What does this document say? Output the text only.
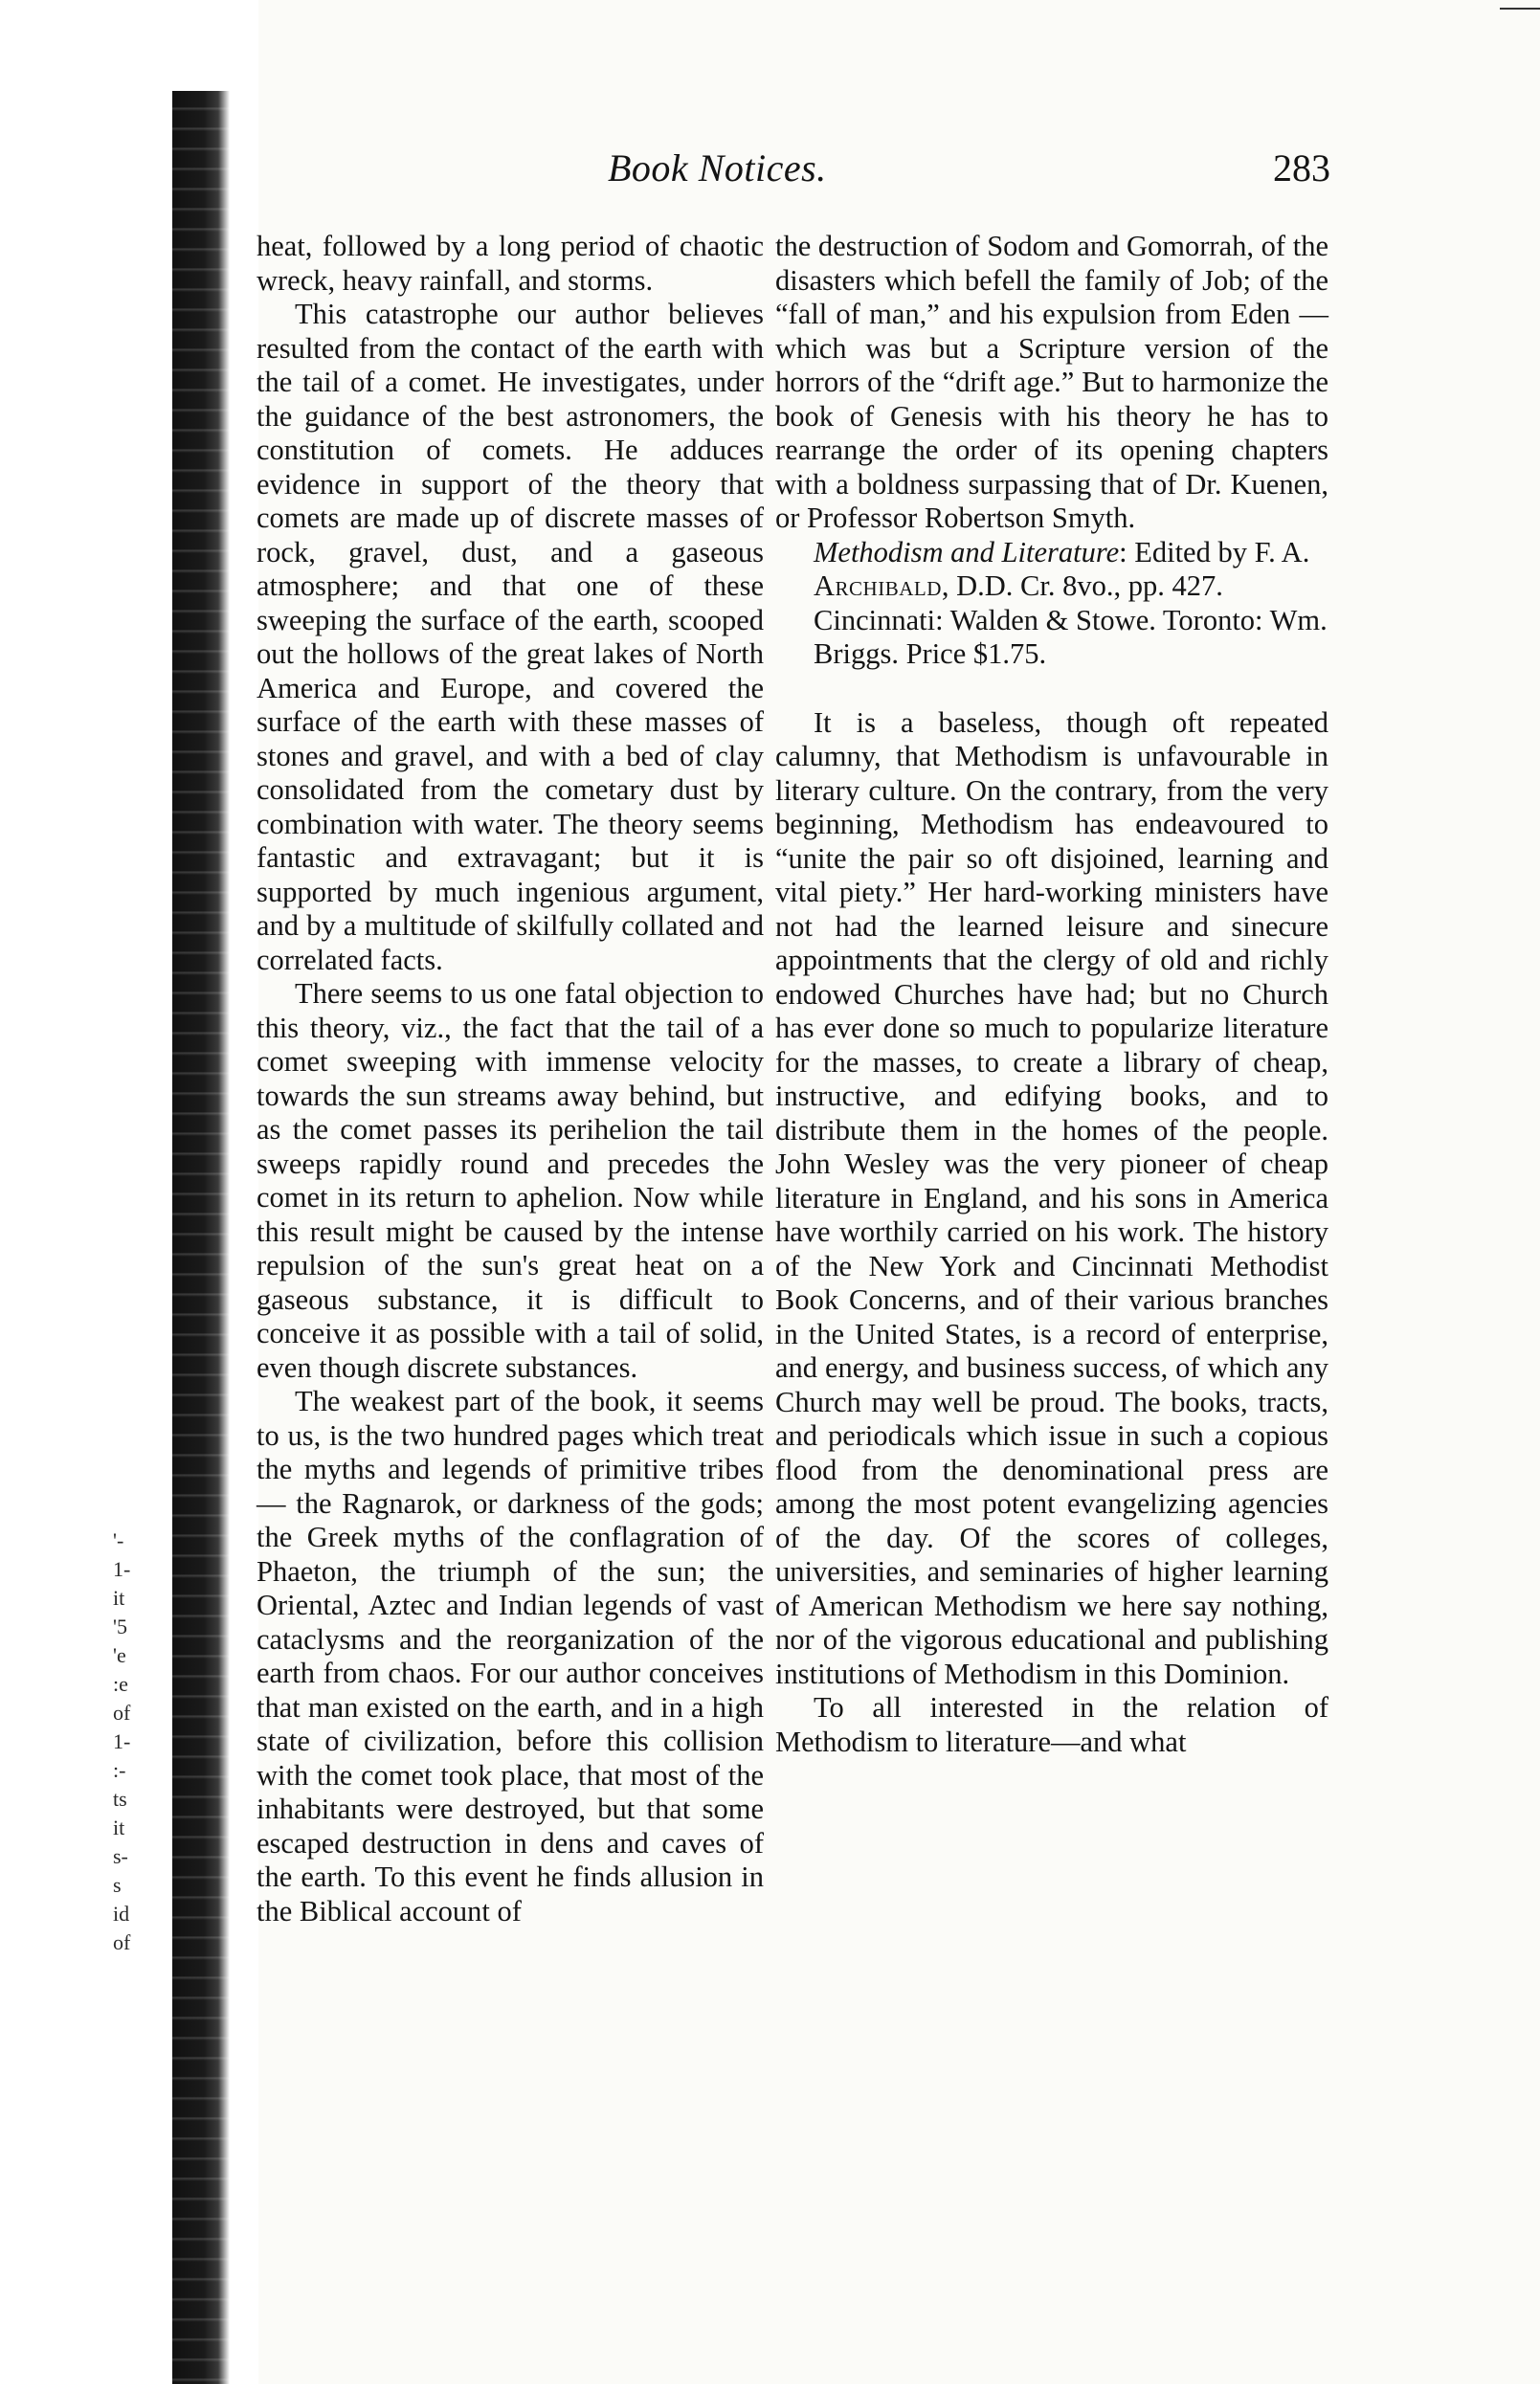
'-
1-
it
'5
'e
:e
of
1-
:-
ts
it
s-
s
id
of
Book Notices.	283

heat, followed by a long period of chaotic wreck, heavy rainfall, and storms.

This catastrophe our author believes resulted from the contact of the earth with the tail of a comet. He investigates, under the guidance of the best astronomers, the constitution of comets. He adduces evidence in support of the theory that comets are made up of discrete masses of rock, gravel, dust, and a gaseous atmosphere; and that one of these sweeping the surface of the earth, scooped out the hollows of the great lakes of North America and Europe, and covered the surface of the earth with these masses of stones and gravel, and with a bed of clay consolidated from the cometary dust by combination with water. The theory seems fantastic and extravagant; but it is supported by much ingenious argument, and by a multitude of skilfully collated and correlated facts.

There seems to us one fatal objection to this theory, viz., the fact that the tail of a comet sweeping with immense velocity towards the sun streams away behind, but as the comet passes its perihelion the tail sweeps rapidly round and precedes the comet in its return to aphelion. Now while this result might be caused by the intense repulsion of the sun's great heat on a gaseous substance, it is difficult to conceive it as possible with a tail of solid, even though discrete substances.

The weakest part of the book, it seems to us, is the two hundred pages which treat the myths and legends of primitive tribes — the Ragnarok, or darkness of the gods; the Greek myths of the conflagration of Phaeton, the triumph of the sun; the Oriental, Aztec and Indian legends of vast cataclysms and the reorganization of the earth from chaos. For our author conceives that man existed on the earth, and in a high state of civilization, before this collision with the comet took place, that most of the inhabitants were destroyed, but that some escaped destruction in dens and caves of the earth. To this event he finds allusion in the Biblical account of

the destruction of Sodom and Gomorrah, of the disasters which befell the family of Job; of the “fall of man,” and his expulsion from Eden —which was but a Scripture version of the horrors of the “drift age.” But to harmonize the book of Genesis with his theory he has to rearrange the order of its opening chapters with a boldness surpassing that of Dr. Kuenen, or Professor Robertson Smyth.

Methodism and Literature: Edited by F. A. Archibald, D.D. Cr. 8vo., pp. 427. Cincinnati: Walden & Stowe. Toronto: Wm. Briggs. Price $1.75.

It is a baseless, though oft repeated calumny, that Methodism is unfavourable in literary culture. On the contrary, from the very beginning, Methodism has endeavoured to “unite the pair so oft disjoined, learning and vital piety.” Her hard-working ministers have not had the learned leisure and sinecure appointments that the clergy of old and richly endowed Churches have had; but no Church has ever done so much to popularize literature for the masses, to create a library of cheap, instructive, and edifying books, and to distribute them in the homes of the people. John Wesley was the very pioneer of cheap literature in England, and his sons in America have worthily carried on his work. The history of the New York and Cincinnati Methodist Book Concerns, and of their various branches in the United States, is a record of enterprise, and energy, and business success, of which any Church may well be proud. The books, tracts, and periodicals which issue in such a copious flood from the denominational press are among the most potent evangelizing agencies of the day. Of the scores of colleges, universities, and seminaries of higher learning of American Methodism we here say nothing, nor of the vigorous educational and publishing institutions of Methodism in this Dominion.

To all interested in the relation of Methodism to literature—and what
